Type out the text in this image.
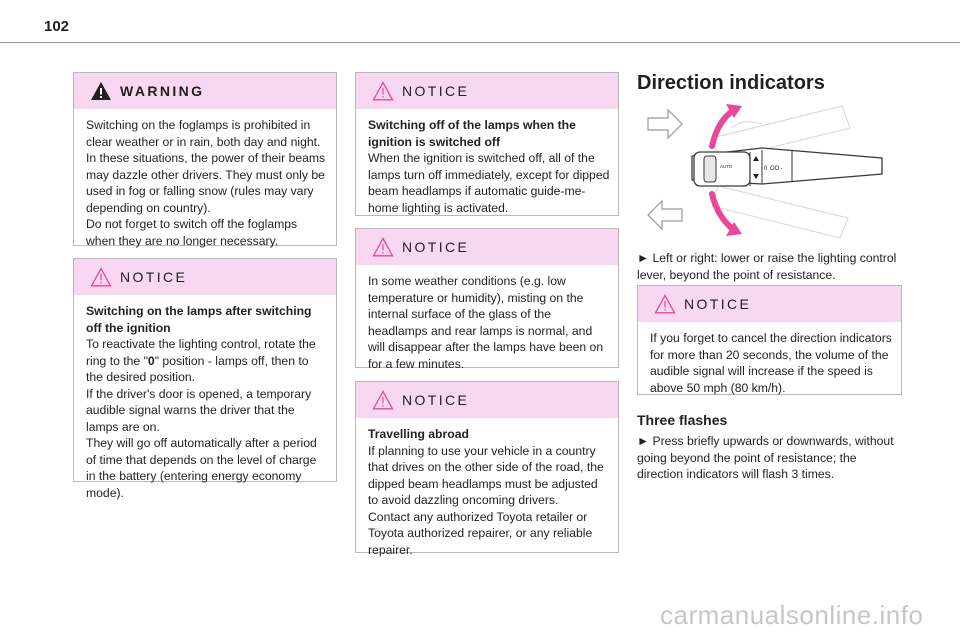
102
WARNING

Switching on the foglamps is prohibited in clear weather or in rain, both day and night. In these situations, the power of their beams may dazzle other drivers. They must only be used in fog or falling snow (rules may vary depending on country).

Do not forget to switch off the foglamps when they are no longer necessary.

NOTICE

Switching on the lamps after switching off the ignition

To reactivate the lighting control, rotate the ring to the "0" position - lamps off, then to the desired position.

If the driver's door is opened, a temporary audible signal warns the driver that the lamps are on.

They will go off automatically after a period of time that depends on the level of charge in the battery (entering energy economy mode).

NOTICE

Switching off of the lamps when the ignition is switched off

When the ignition is switched off, all of the lamps turn off immediately, except for dipped beam headlamps if automatic guide-me-home lighting is activated.

NOTICE

In some weather conditions (e.g. low temperature or humidity), misting on the internal surface of the glass of the headlamps and rear lamps is normal, and will disappear after the lamps have been on for a few minutes.

NOTICE

Travelling abroad

If planning to use your vehicle in a country that drives on the other side of the road, the dipped beam headlamps must be adjusted to avoid dazzling oncoming drivers.

Contact any authorized Toyota retailer or Toyota authorized repairer, or any reliable repairer.

Direction indicators
AUTO	0 OO ‐

► Left or right: lower or raise the lighting control lever, beyond the point of resistance.

NOTICE

If you forget to cancel the direction indicators for more than 20 seconds, the volume of the audible signal will increase if the speed is above 50 mph (80 km/h).

Three flashes

► Press briefly upwards or downwards, without going beyond the point of resistance; the direction indicators will flash 3 times.

carmanualsonline.info
